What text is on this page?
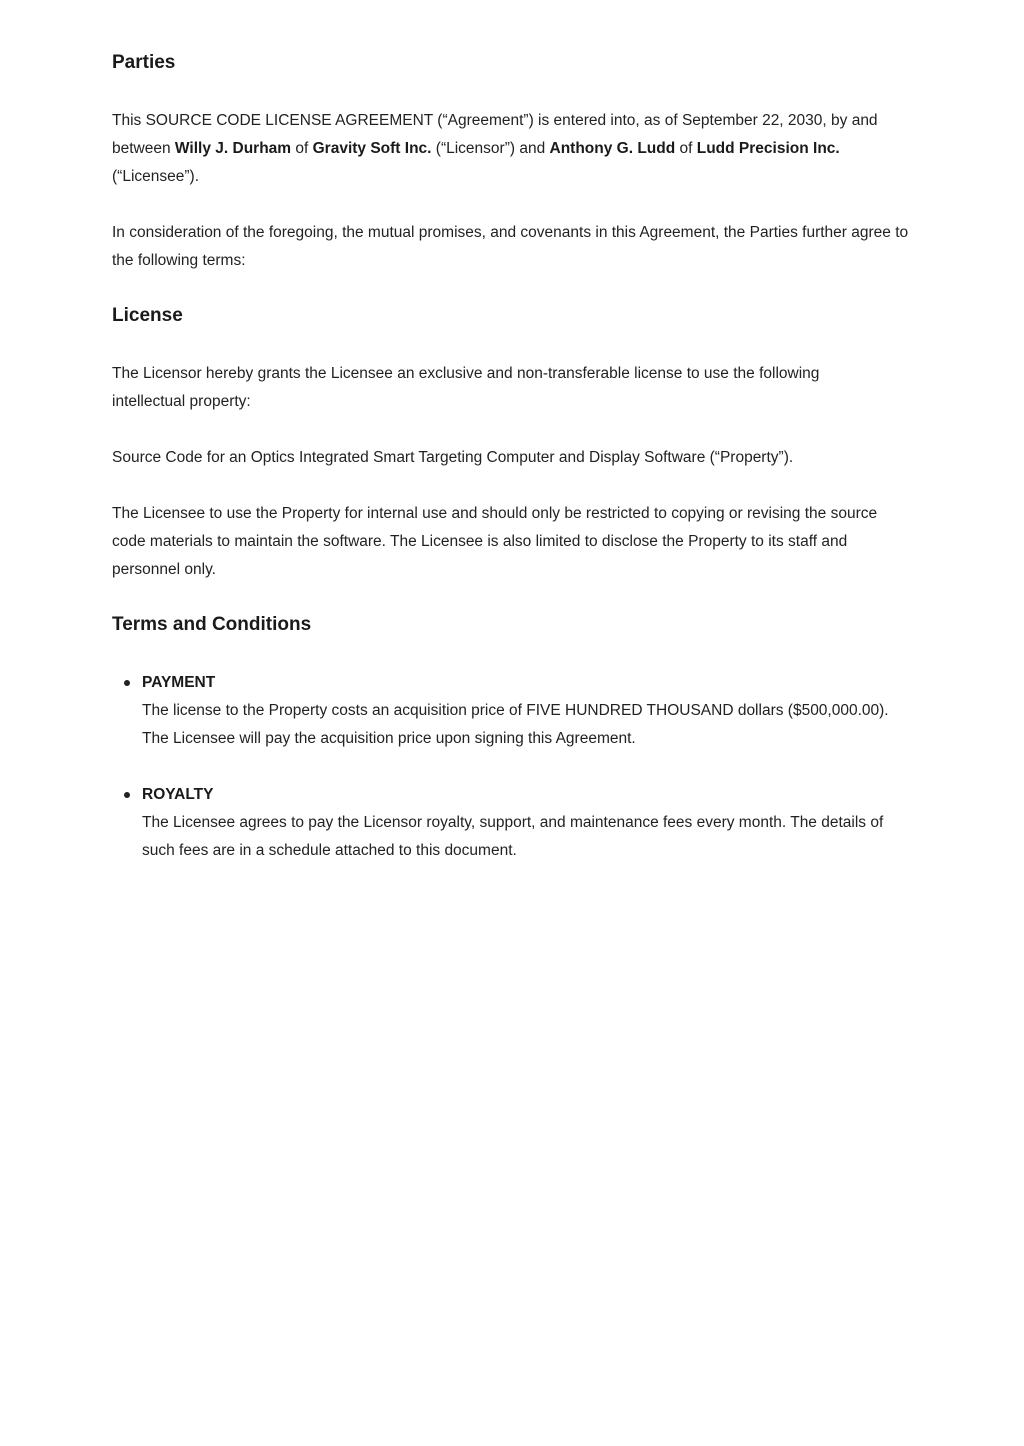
Parties

This SOURCE CODE LICENSE AGREEMENT (“Agreement”) is entered into, as of September 22, 2030, by and between Willy J. Durham of Gravity Soft Inc. (“Licensor”) and Anthony G. Ludd of Ludd Precision Inc. (“Licensee”).

In consideration of the foregoing, the mutual promises, and covenants in this Agreement, the Parties further agree to the following terms:

License

The Licensor hereby grants the Licensee an exclusive and non-transferable license to use the following intellectual property:

Source Code for an Optics Integrated Smart Targeting Computer and Display Software (“Property”).

The Licensee to use the Property for internal use and should only be restricted to copying or revising the source code materials to maintain the software. The Licensee is also limited to disclose the Property to its staff and personnel only.

Terms and Conditions
PAYMENT
The license to the Property costs an acquisition price of FIVE HUNDRED THOUSAND dollars ($500,000.00). The Licensee will pay the acquisition price upon signing this Agreement.
ROYALTY
The Licensee agrees to pay the Licensor royalty, support, and maintenance fees every month. The details of such fees are in a schedule attached to this document.
